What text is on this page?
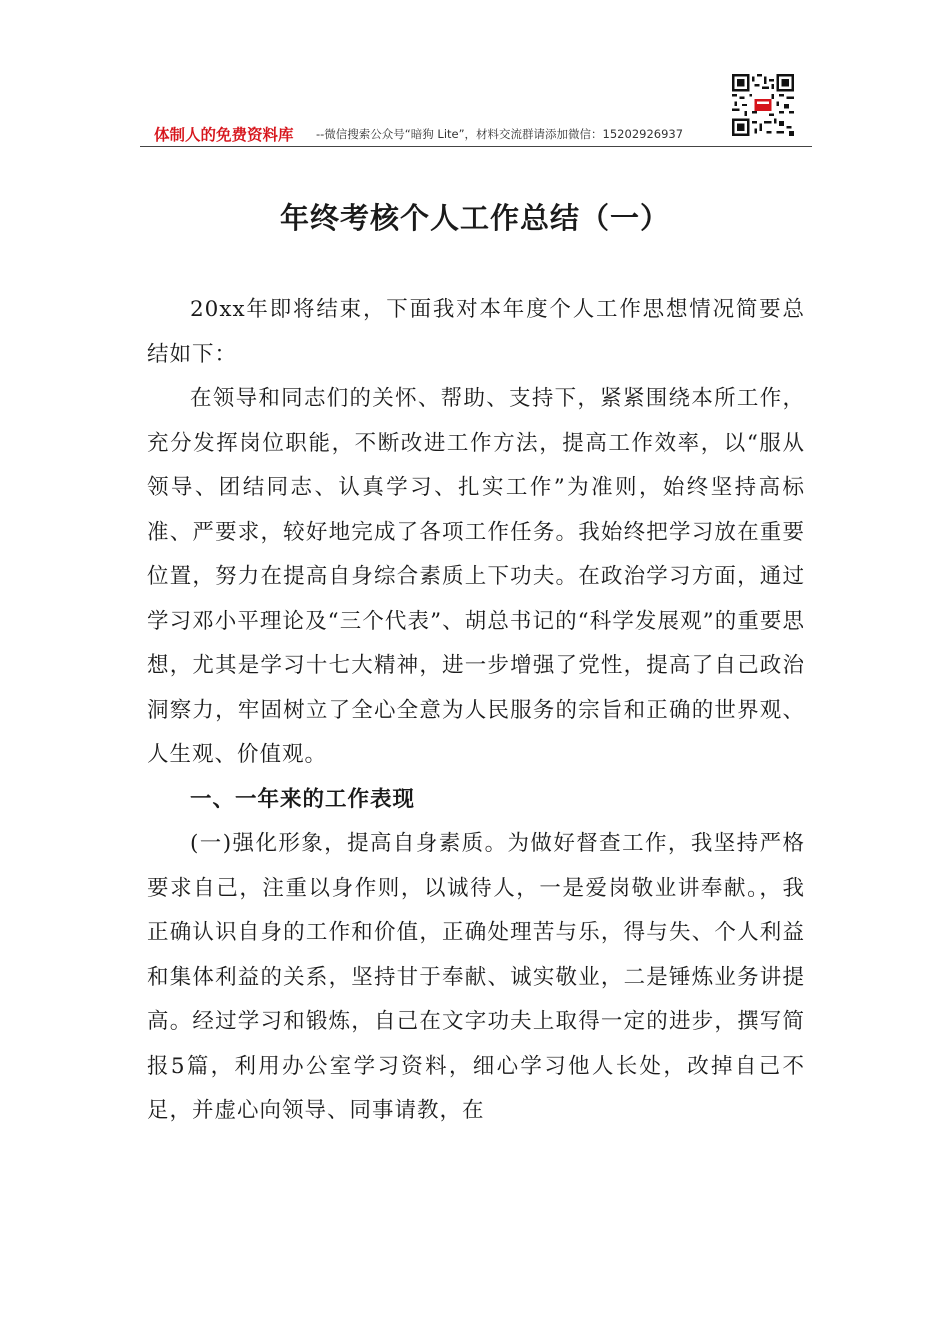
体制人的免费资料库 --微信搜索公众号“暗狗 Lite”，材料交流群请添加微信：15202926937
年终考核个人工作总结（一）

20xx年即将结束，下面我对本年度个人工作思想情况简要总结如下：

在领导和同志们的关怀、帮助、支持下，紧紧围绕本所工作，充分发挥岗位职能，不断改进工作方法，提高工作效率，以“服从领导、团结同志、认真学习、扎实工作”为准则，始终坚持高标准、严要求，较好地完成了各项工作任务。我始终把学习放在重要位置，努力在提高自身综合素质上下功夫。在政治学习方面，通过学习邓小平理论及“三个代表”、胡总书记的“科学发展观”的重要思想，尤其是学习十七大精神，进一步增强了党性，提高了自己政治洞察力，牢固树立了全心全意为人民服务的宗旨和正确的世界观、人生观、价值观。

一、一年来的工作表现

(一)强化形象，提高自身素质。为做好督查工作，我坚持严格要求自己，注重以身作则，以诚待人，一是爱岗敬业讲奉献。，我正确认识自身的工作和价值，正确处理苦与乐，得与失、个人利益和集体利益的关系，坚持甘于奉献、诚实敬业，二是锤炼业务讲提高。经过学习和锻炼，自己在文字功夫上取得一定的进步，撰写简报5篇，利用办公室学习资料，细心学习他人长处，改掉自己不足，并虚心向领导、同事请教，在
